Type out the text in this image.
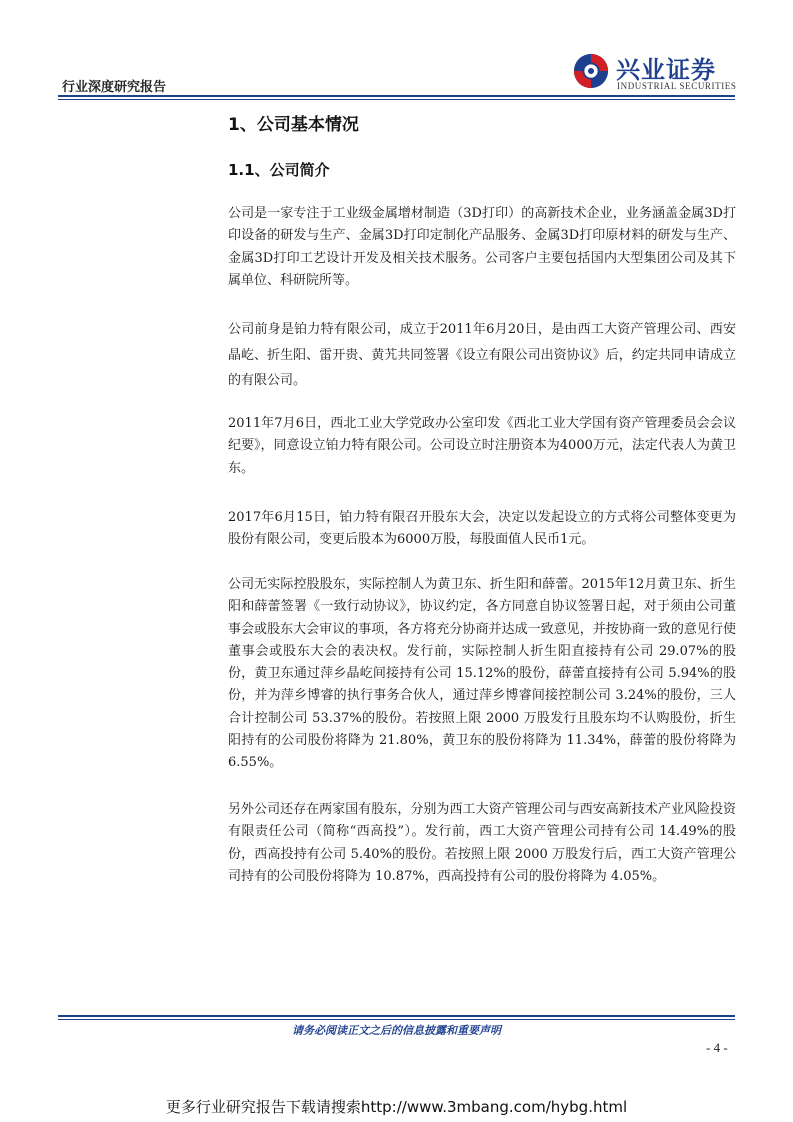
行业深度研究报告
兴业证券
INDUSTRIAL SECURITIES
1、公司基本情况
1.1、公司简介

公司是一家专注于工业级金属增材制造（3D打印）的高新技术企业，业务涵盖金属3D打印设备的研发与生产、金属3D打印定制化产品服务、金属3D打印原材料的研发与生产、金属3D打印工艺设计开发及相关技术服务。公司客户主要包括国内大型集团公司及其下属单位、科研院所等。

公司前身是铂力特有限公司，成立于2011年6月20日，是由西工大资产管理公司、西安晶屹、折生阳、雷开贵、黄艽共同签署《设立有限公司出资协议》后，约定共同申请成立的有限公司。

2011年7月6日，西北工业大学党政办公室印发《西北工业大学国有资产管理委员会会议纪要》，同意设立铂力特有限公司。公司设立时注册资本为4000万元，法定代表人为黄卫东。

2017年6月15日，铂力特有限召开股东大会，决定以发起设立的方式将公司整体变更为股份有限公司，变更后股本为6000万股，每股面值人民币1元。

公司无实际控股股东，实际控制人为黄卫东、折生阳和薛蕾。2015年12月黄卫东、折生阳和薛蕾签署《一致行动协议》，协议约定，各方同意自协议签署日起，对于须由公司董事会或股东大会审议的事项，各方将充分协商并达成一致意见，并按协商一致的意见行使董事会或股东大会的表决权。发行前，实际控制人折生阳直接持有公司 29.07%的股份，黄卫东通过萍乡晶屹间接持有公司 15.12%的股份，薛蕾直接持有公司 5.94%的股份，并为萍乡博睿的执行事务合伙人，通过萍乡博睿间接控制公司 3.24%的股份，三人合计控制公司 53.37%的股份。若按照上限 2000 万股发行且股东均不认购股份，折生阳持有的公司股份将降为 21.80%，黄卫东的股份将降为 11.34%，薛蕾的股份将降为 6.55%。

另外公司还存在两家国有股东，分别为西工大资产管理公司与西安高新技术产业风险投资有限责任公司（简称“西高投”）。发行前，西工大资产管理公司持有公司 14.49%的股份，西高投持有公司 5.40%的股份。若按照上限 2000 万股发行后，西工大资产管理公司持有的公司股份将降为 10.87%，西高投持有公司的股份将降为 4.05%。

请务必阅读正文之后的信息披露和重要声明
- 4 -
更多行业研究报告下载请搜索http://www.3mbang.com/hybg.html
